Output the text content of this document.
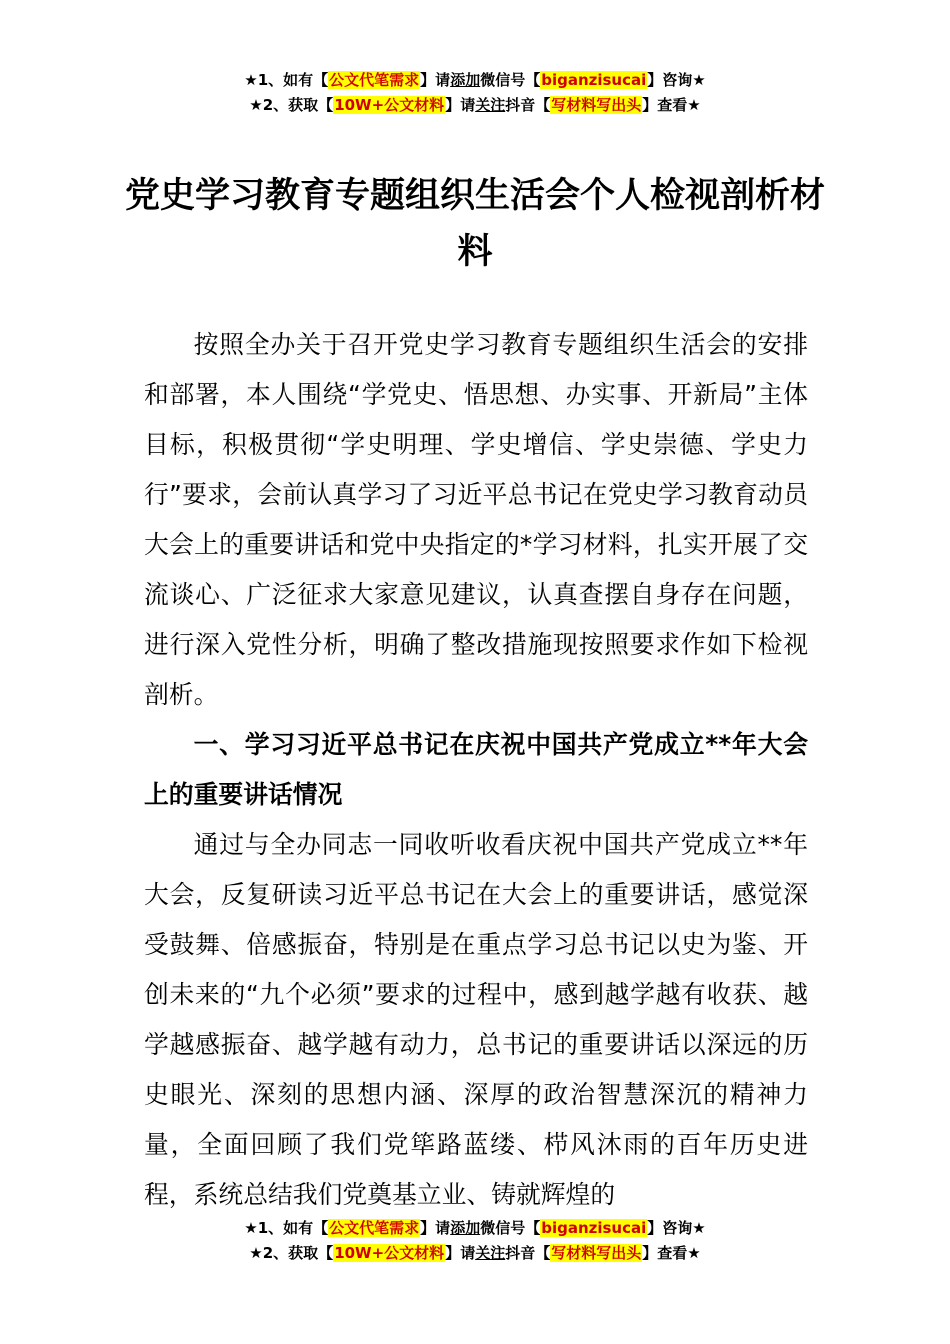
★1、如有【公文代笔需求】请添加微信号【biganzisucai】咨询★
★2、获取【10W+公文材料】请关注抖音【写材料写出头】查看★
党史学习教育专题组织生活会个人检视剖析材料

按照全办关于召开党史学习教育专题组织生活会的安排和部署，本人围绕“学党史、悟思想、办实事、开新局”主体目标，积极贯彻“学史明理、学史增信、学史崇德、学史力行”要求，会前认真学习了习近平总书记在党史学习教育动员大会上的重要讲话和党中央指定的*学习材料，扎实开展了交流谈心、广泛征求大家意见建议，认真查摆自身存在问题，进行深入党性分析，明确了整改措施现按照要求作如下检视剖析。

一、学习习近平总书记在庆祝中国共产党成立**年大会上的重要讲话情况

通过与全办同志一同收听收看庆祝中国共产党成立**年大会，反复研读习近平总书记在大会上的重要讲话，感觉深受鼓舞、倍感振奋，特别是在重点学习总书记以史为鉴、开创未来的“九个必须”要求的过程中，感到越学越有收获、越学越感振奋、越学越有动力，总书记的重要讲话以深远的历史眼光、深刻的思想内涵、深厚的政治智慧深沉的精神力量，全面回顾了我们党筚路蓝缕、栉风沐雨的百年历史进程，系统总结我们党奠基立业、铸就辉煌的

★1、如有【公文代笔需求】请添加微信号【biganzisucai】咨询★
★2、获取【10W+公文材料】请关注抖音【写材料写出头】查看★
